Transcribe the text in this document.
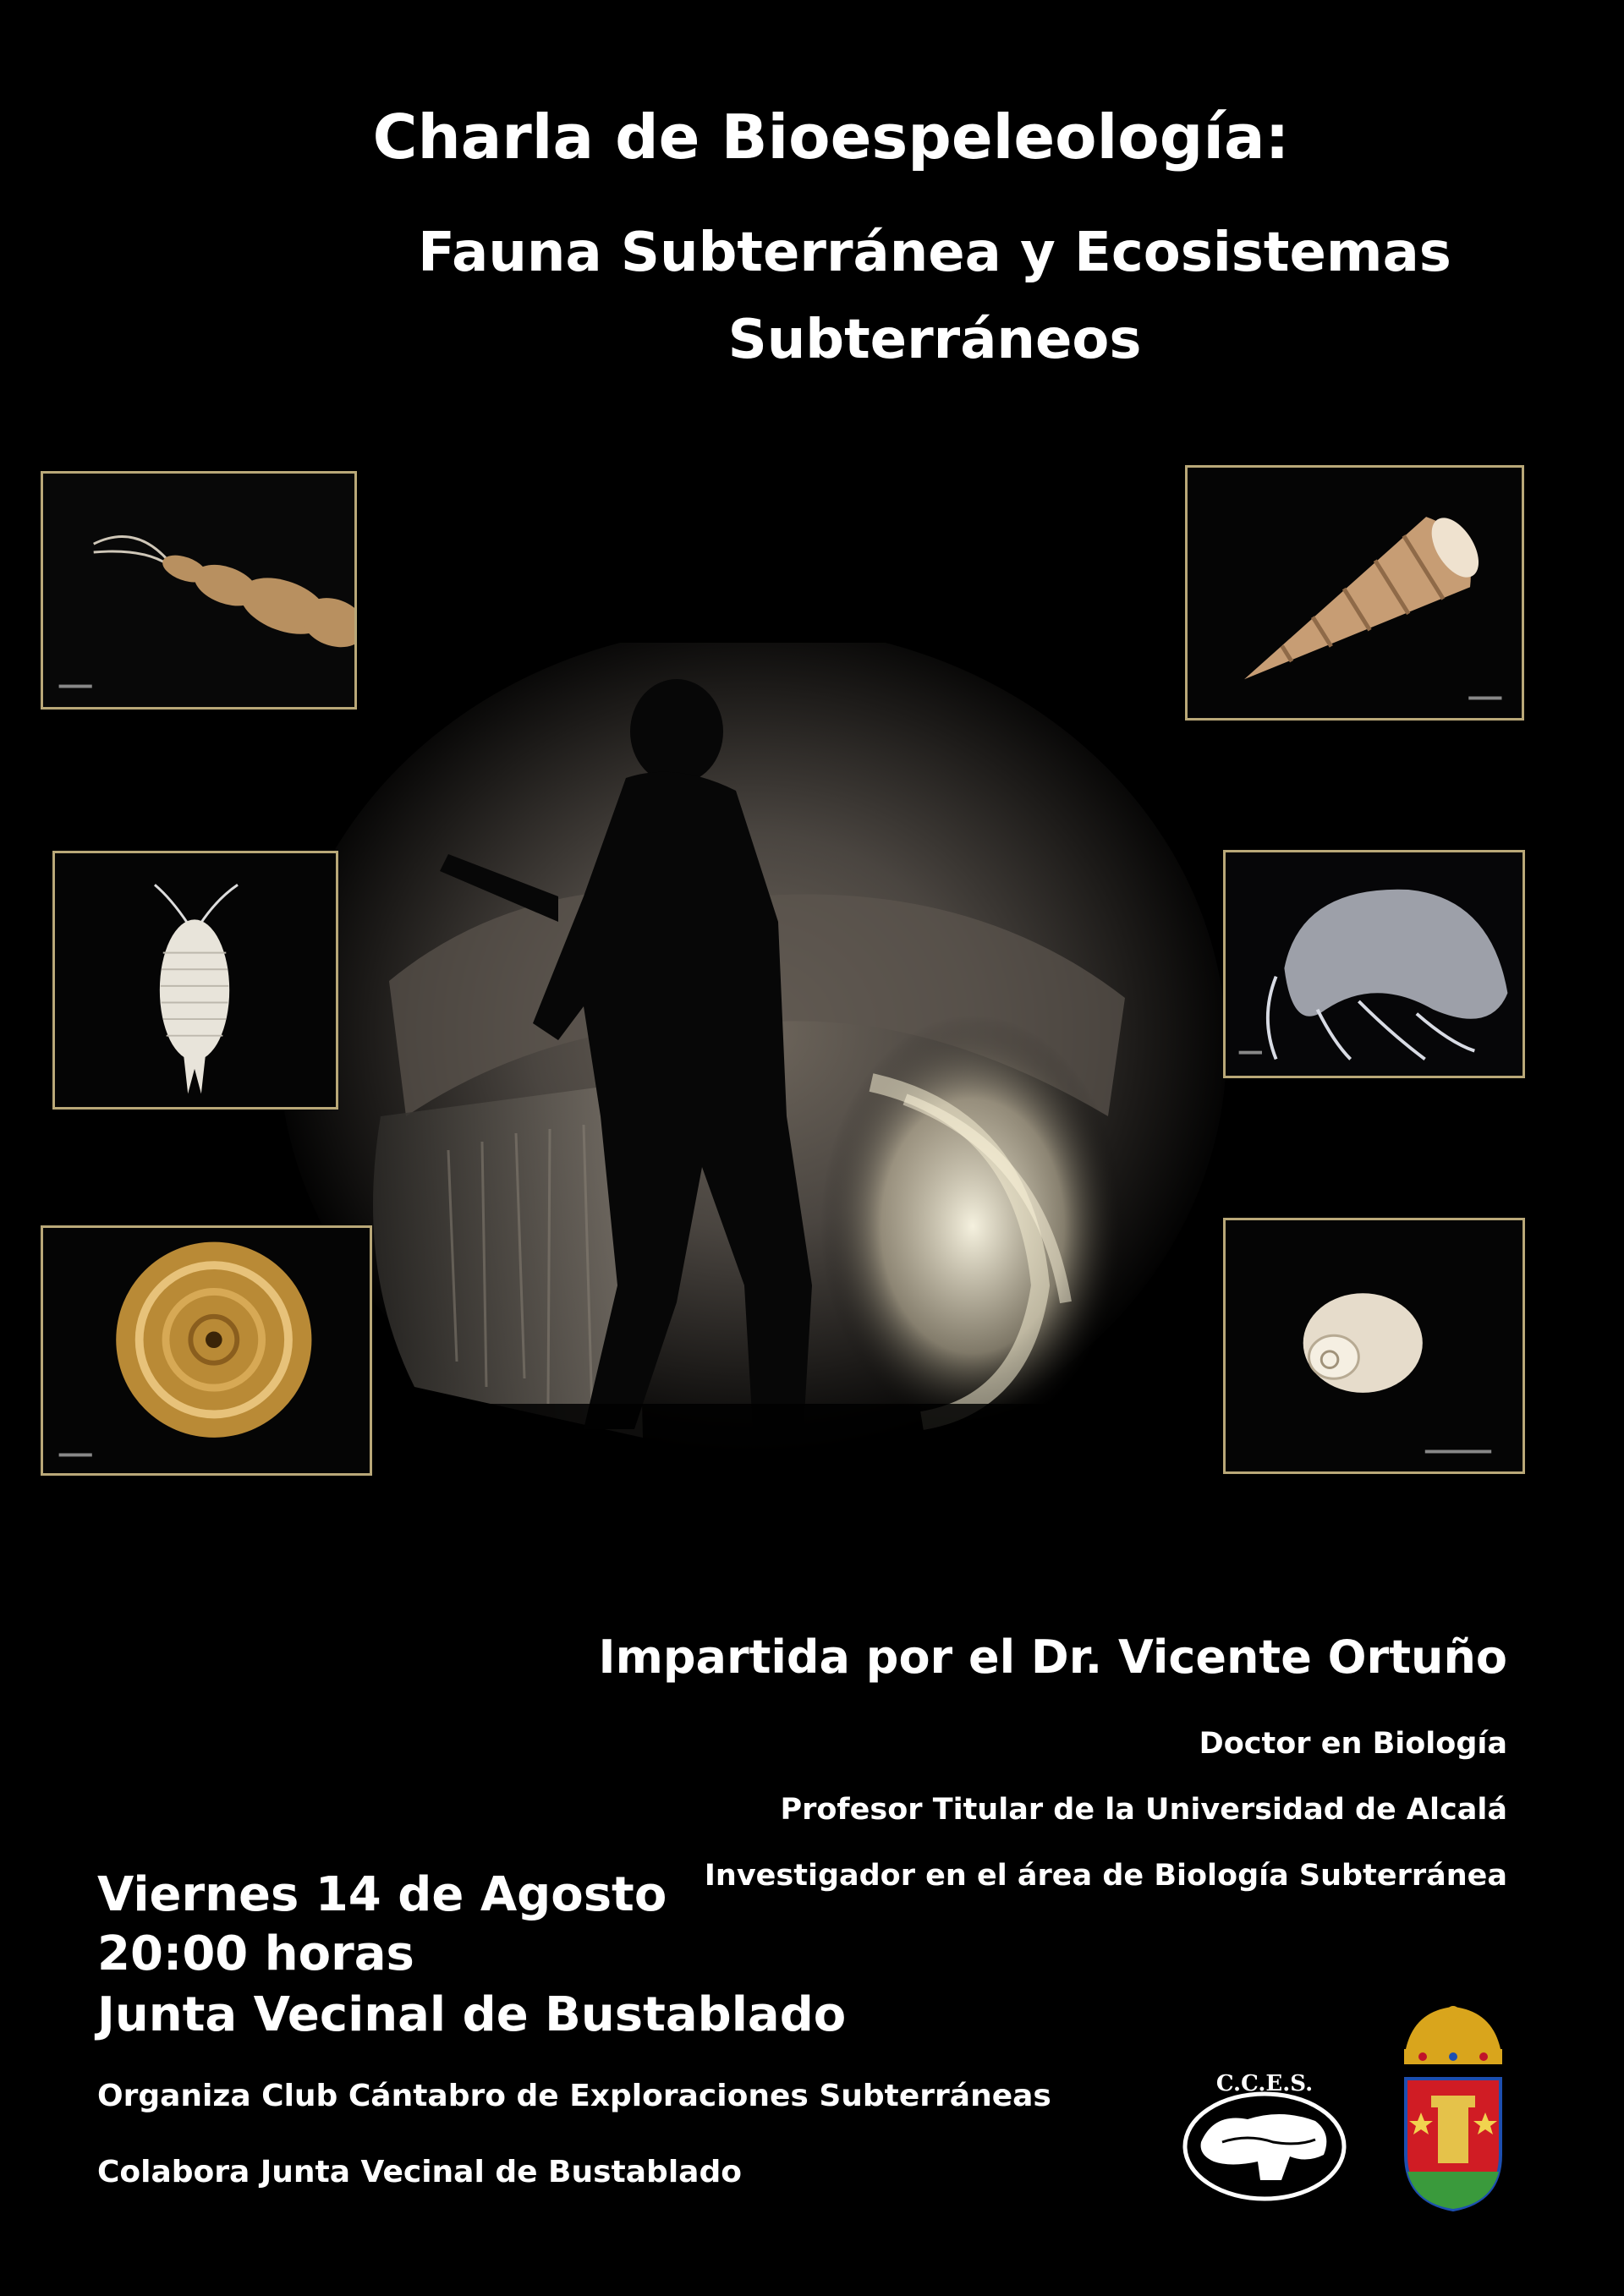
Charla de Bioespeleología:
Fauna Subterránea y Ecosistemas
Subterráneos
Impartida por el Dr. Vicente Ortuño
Doctor en Biología
Profesor Titular de la Universidad de Alcalá
Investigador en el área de Biología Subterránea
Viernes 14 de Agosto
20:00 horas
Junta Vecinal de Bustablado
Organiza Club Cántabro de Exploraciones Subterráneas
Colabora Junta Vecinal de Bustablado
C.C.E.S.
